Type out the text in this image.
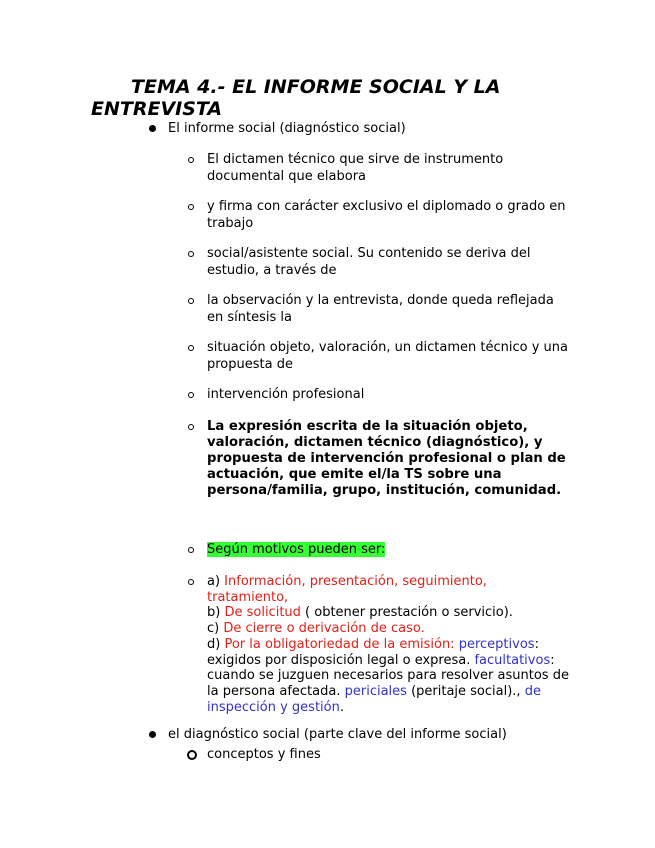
TEMA 4.- EL INFORME SOCIAL Y LA ENTREVISTA
El informe social (diagnóstico social)
El dictamen técnico que sirve de instrumento documental que elabora
y firma con carácter exclusivo el diplomado o grado en trabajo
social/asistente social. Su contenido se deriva del estudio, a través de
la observación y la entrevista, donde queda reflejada en síntesis la
situación objeto, valoración, un dictamen técnico y una propuesta de
intervención profesional
La expresión escrita de la situación objeto, valoración, dictamen técnico (diagnóstico), y propuesta de intervención profesional o plan de actuación, que emite el/la TS sobre una persona/familia, grupo, institución, comunidad.
Según motivos pueden ser:
a) Información, presentación, seguimiento, tratamiento,
b) De solicitud ( obtener prestación o servicio).
c) De cierre o derivación de caso.
d) Por la obligatoriedad de la emisión: perceptivos:
exigidos por disposición legal o expresa. facultativos: cuando se juzguen necesarios para resolver asuntos de la persona afectada. periciales (peritaje social)., de inspección y gestión.
el diagnóstico social (parte clave del informe social)
conceptos y fines
